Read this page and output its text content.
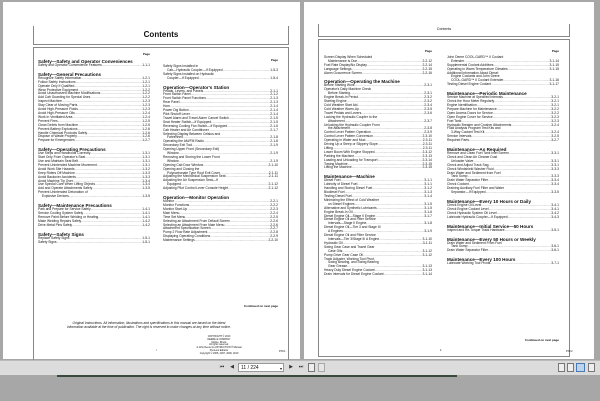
Contents
Page
Safety—Safety and Operator Conveniences
Safety and Operator Convenience Features .....	1-1-1
Safety—General Precautions
Recognize Safety Information .....	1-2-1
Follow Safety Instructions .....	1-2-1
Operate Only If Qualified .....	1-2-1
Wear Protective Equipment .....	1-2-2
Avoid Unauthorized Machine Modifications .....	1-2-2
Add Cab Guarding for Special Uses .....	1-2-2
Inspect Machine .....	1-2-3
Stay Clear of Moving Parts .....	1-2-3
Avoid High-Pressure Fluids .....	1-2-3
Avoid High-Pressure Oils .....	1-2-4
Work In Ventilated Area .....	1-2-4
Prevent Fires .....	1-2-5
Clean Debris from Machine .....	1-2-5
Prevent Battery Explosions .....	1-2-6
Handle Chemical Products Safely .....	1-2-6
Dispose of Waste Properly .....	1-2-6
Prepare for Emergencies .....	1-2-7
Safety—Operating Precautions
Use Steps and Handholds Correctly .....	1-3-1
Start Only From Operator's Seat .....	1-3-1
Use and Maintain Seat Belt .....	1-3-1
Prevent Unintended Machine Movement .....	1-3-1
Avoid Work Site Hazards .....	1-3-2
Keep Riders Off Machine .....	1-3-3
Avoid Backover Accidents .....	1-3-3
Avoid Machine Tip Over .....	1-3-4
Use Special Care When Lifting Objects .....	1-3-4
Add and Operate Attachments Safely .....	1-3-5
Prevent Unintended Detonation of
Explosive Devices .....	1-3-5
Safety—Maintenance Precautions
Park and Prepare for Service Safely .....	1-4-1
Service Cooling System Safely .....	1-4-1
Remove Paint Before Welding or Heating .....	1-4-1
Make Welding Repairs Safely .....	1-4-2
Drive Metal Pins Safely .....	1-4-2
Safety—Safety Signs
Replace Safety Signs .....	1-5-1
Safety Signs .....	1-5-1
Page
Safety Signs Installed in
Cab—Hydraulic Coupler—If Equipped .....	1-5-3
Safety Signs Installed on Hydraulic
Coupler—If Equipped .....	1-5-4
Operation—Operator's Station
Pedals, Levers, and Panels .....	2-1-1
Front Switch Panel .....	2-1-2
Front Switch Panel Functions .....	2-1-3
Rear Panel .....	2-1-3
Horn .....	2-1-4
Power Dig Button .....	2-1-4
Pilot Shutoff Lever .....	2-1-4
Travel Alarm and Travel Alarm Cancel Switch .....	2-1-5
Seat Heater Switch—If Equipped .....	2-1-5
Reversing Cooling Fan Switch—If Equipped .....	2-1-6
Cab Heater and Air Conditioner .....	2-1-7
Selecting Display Between Celsius and
Fahrenheit .....	2-1-8
Operating the AM/FM Radio .....	2-1-8
Secondary Exit Tool .....	2-1-9
Opening Upper Front (Secondary Exit)
Window .....	2-1-9
Removing and Storing the Lower Front
Window .....	2-1-9
Opening Cab Door Window .....	2-1-10
Opening and Closing the
Polycarbonate Type Roof Exit Cover .....	2-1-11
Adjusting the Mechanical Suspension Seat .....	2-1-11
Adjusting the Air Suspension Seat—If
Equipped .....	2-1-12
Adjusting Pilot Control Lever Console Height .....	2-1-12
Operation—Monitor Operation
Monitor .....	2-2-1
Monitor Functions .....	2-2-2
Monitor Start-Up .....	2-2-3
Main Menu .....	2-2-4
Time Set Menu .....	2-2-5
Selecting an Attachment From Default Screen .....	2-2-6
Selecting an Attachment From Main Menu .....	2-2-6
Attachment Specification Screen .....	2-2-7
Pump 2 Flow Rate Adjustment .....	2-2-8
Displaying Operating Conditions .....	2-2-9
Maintenance Settings .....	2-2-10
Continued on next page
Original Instructions. All information, illustrations and specifications in this manual are based on the latest information available at the time of publication. The right is reserved to make changes at any time without notice.
COPYRIGHT © 2013
DEERE & COMPANY
Moline, Illinois
All rights reserved.
A John Deere ILLUSTRUCTION ® Manual
Previous Editions
Copyright © 2005, 2007, 2009, 2010
i	PN=1
Contents
Page
Screen Display When Scheduled
Maintenance is Due .....	2-2-12
Fuel Rate Display/No Display .....	2-2-14
Language Settings .....	2-2-15
Alarm Occurrence Screen .....	2-2-16
Operation—Operating the Machine
Before Starting Work .....	2-3-1
Operator's Daily Machine Check
Before Starting .....	2-3-1
Engine Break-In Period .....	2-3-2
Starting Engine .....	2-3-2
Cold Weather Start Aid .....	2-3-4
Cold Weather Warm-Up .....	2-3-5
Travel Pedals and Levers .....	2-3-6
Locking the Hydraulic Coupler to the
Attachment .....	2-3-7
Unlocking the Hydraulic Coupler From
the Attachment .....	2-3-8
Control Lever Pattern Operation .....	2-3-9
Control Lever Pattern Conversion .....	2-3-10
Operating in Water and Mud .....	2-3-11
Driving Up a Steep or Slippery Slope .....	2-3-11
Lifting .....	2-3-11
Lower Boom With Engine Stopped .....	2-3-12
Parking the Machine .....	2-3-13
Loading and Unloading for Transport .....	2-3-14
Towing Machine .....	2-3-15
Lifting the Machine .....	2-3-15
Maintenance—Machine
Diesel Fuel .....	3-1-1
Lubricity of Diesel Fuel .....	3-1-1
Handling and Storing Diesel Fuel .....	3-1-2
Biodiesel Fuel .....	3-1-3
Testing Diesel Fuel .....	3-1-4
Minimizing the Effect of Cold Weather
on Diesel Engines .....	3-1-5
Alternative and Synthetic Lubricants .....	3-1-5
Engine Break-In Oil .....	3-1-6
Diesel Engine Oil—Stage II Engine .....	3-1-7
Diesel Engine Oil and Filter Service
Intervals—Stage II Engine .....	3-1-8
Diesel Engine Oil—Tier 3 and Stage III
A Engines .....	3-1-9
Diesel Engine Oil and Filter Service
Intervals—Tier 3/Stage III A Engine .....	3-1-10
Hydraulic Oil .....	3-1-11
Swing Gear Case and Travel Gear
Case Oils .....	3-1-12
Pump Drive Gear Case Oil .....	3-1-12
Track Adjuster, Working Tool Pivot,
Swing Bearing, and Swing Bearing
Gear Grease .....	3-1-13
Heavy Duty Diesel Engine Coolant .....	3-1-13
Drain Intervals for Diesel Engine Coolant .....	3-1-14
Page
John Deere COOL-GARD™ II Coolant
Extender .....	3-1-14
Supplemental Coolant Additives .....	3-1-15
Operating in Warm Temperature Climates .....	3-1-15
Additional Information About Diesel
Engine Coolants and John Deere
COOL-GARD™ II Coolant Extender .....	3-1-16
Testing Diesel Engine Coolant .....	3-1-17
Maintenance—Periodic Maintenance
Service Machine at Specified Intervals .....	3-2-1
Check the Hour Meter Regularly .....	3-2-1
Engine Identification .....	3-2-1
Prepare Machine for Maintenance .....	3-2-2
Open Access Doors for Service .....	3-2-2
Open Engine Cover for Service .....	3-2-3
Fuel Tank .....	3-2-3
Hydraulic Breaker and Crusher Attachments .....	3-2-4
Fluid Analysis Program Test Kits and
3-Way Coolant Test Kit .....	3-2-4
Service Intervals .....	3-2-5
Required Parts .....	3-2-7
Maintenance—As Required
Remove and Clean Fuel Tank Inlet Screen .....	3-3-1
Check and Clean Air Cleaner Dust
Unloader Valve .....	3-3-1
Check and Adjust Track Sag .....	3-3-1
Check Windshield Washer Fluid .....	3-3-3
Drain Water and Sediment from Fuel
Tank Sump .....	3-3-3
Drain Water Separator Filter .....	3-3-4
Check Coolant .....	3-3-4
Draining Auxiliary Fuel Filter and Water
Separator—If Equipped .....	3-3-5
Maintenance—Every 10 Hours or Daily
Check Engine Oil Level .....	3-4-1
Check Engine Coolant Level .....	3-4-1
Check Hydraulic System Oil Level .....	3-4-2
Lubricate Hydraulic Coupler—If Equipped .....	3-4-3
Maintenance—Initial Service—50 Hours
Inspect and Re-Torque Track Hardware .....	3-5-1
Maintenance—Every 50 Hours or Weekly
Drain Water and Sediment From Fuel
Tank Sump .....	3-6-1
Drain Water Separator Filter .....	3-6-1
Maintenance—Every 100 Hours
Lubricate Working Tool Pivots .....	3-7-1
Continued on next page
ii	PN=2
⏮	◀	11 / 224	▾	▶	⏭
